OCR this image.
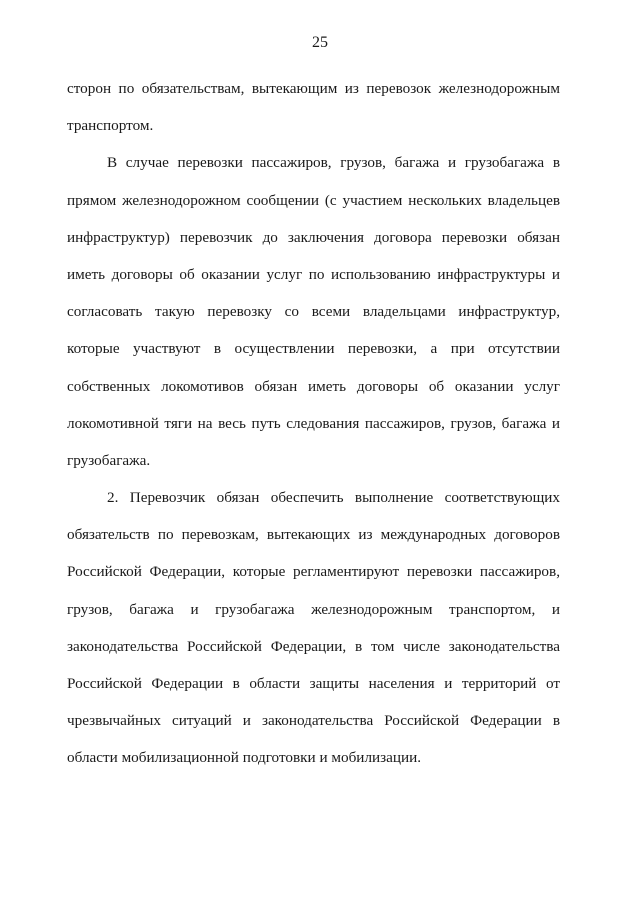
25
сторон по обязательствам, вытекающим из перевозок железнодорожным
транспортом.
В случае перевозки пассажиров, грузов, багажа и грузобагажа в
прямом железнодорожном сообщении (с участием нескольких владельцев
инфраструктур) перевозчик до заключения договора перевозки обязан
иметь договоры об оказании услуг по использованию инфраструктуры и
согласовать такую перевозку со всеми владельцами инфраструктур,
которые участвуют в осуществлении перевозки, а при отсутствии
собственных локомотивов обязан иметь договоры об оказании услуг
локомотивной тяги на весь путь следования пассажиров, грузов, багажа и
грузобагажа.
2. Перевозчик обязан обеспечить выполнение соответствующих
обязательств по перевозкам, вытекающих из международных договоров
Российской Федерации, которые регламентируют перевозки пассажиров,
грузов, багажа и грузобагажа железнодорожным транспортом, и
законодательства Российской Федерации, в том числе законодательства
Российской Федерации в области защиты населения и территорий от
чрезвычайных ситуаций и законодательства Российской Федерации в
области мобилизационной подготовки и мобилизации.
